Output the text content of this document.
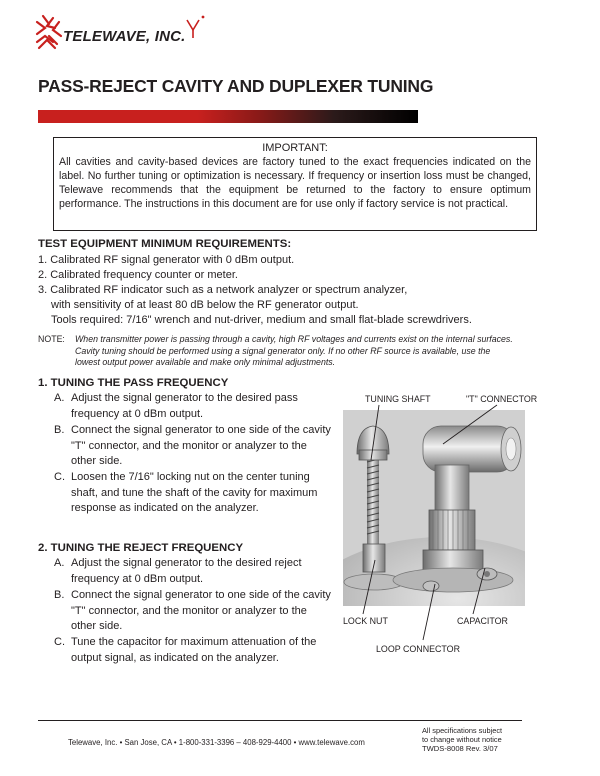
TELEWAVE, INC.
PASS-REJECT CAVITY AND DUPLEXER TUNING
IMPORTANT:
All cavities and cavity-based devices are factory tuned to the exact frequencies indicated on the label. No further tuning or optimization is necessary. If frequency or insertion loss must be changed, Telewave recommends that the equipment be returned to the factory to ensure optimum performance. The instructions in this document are for use only if factory service is not practical.
TEST EQUIPMENT MINIMUM REQUIREMENTS:
1. Calibrated RF signal generator with 0 dBm output.
2. Calibrated frequency counter or meter.
3. Calibrated RF indicator such as a network analyzer or spectrum analyzer,
with sensitivity of at least 80 dB below the RF generator output.
Tools required: 7/16" wrench and nut-driver, medium and small flat-blade screwdrivers.
NOTE: When transmitter power is passing through a cavity, high RF voltages and currents exist on the internal surfaces. Cavity tuning should be performed using a signal generator only. If no other RF source is available, use the lowest output power available and make only minimal adjustments.
1. TUNING THE PASS FREQUENCY
A. Adjust the signal generator to the desired pass frequency at 0 dBm output.
B. Connect the signal generator to one side of the cavity "T" connector, and the monitor or analyzer to the other side.
C. Loosen the 7/16" locking nut on the center tuning shaft, and tune the shaft of the cavity for maximum response as indicated on the analyzer.
2. TUNING THE REJECT FREQUENCY
A. Adjust the signal generator to the desired reject frequency at 0 dBm output.
B. Connect the signal generator to one side of the cavity "T" connector, and the monitor or analyzer to the other side.
C. Tune the capacitor for maximum attenuation of the output signal, as indicated on the analyzer.
TUNING SHAFT	"T" CONNECTOR
LOCK NUT	CAPACITOR
LOOP CONNECTOR
Telewave, Inc. • San Jose, CA • 1-800-331-3396 – 408-929-4400 • www.telewave.com
All specifications subject
to change without notice
TWDS-8008 Rev. 3/07
